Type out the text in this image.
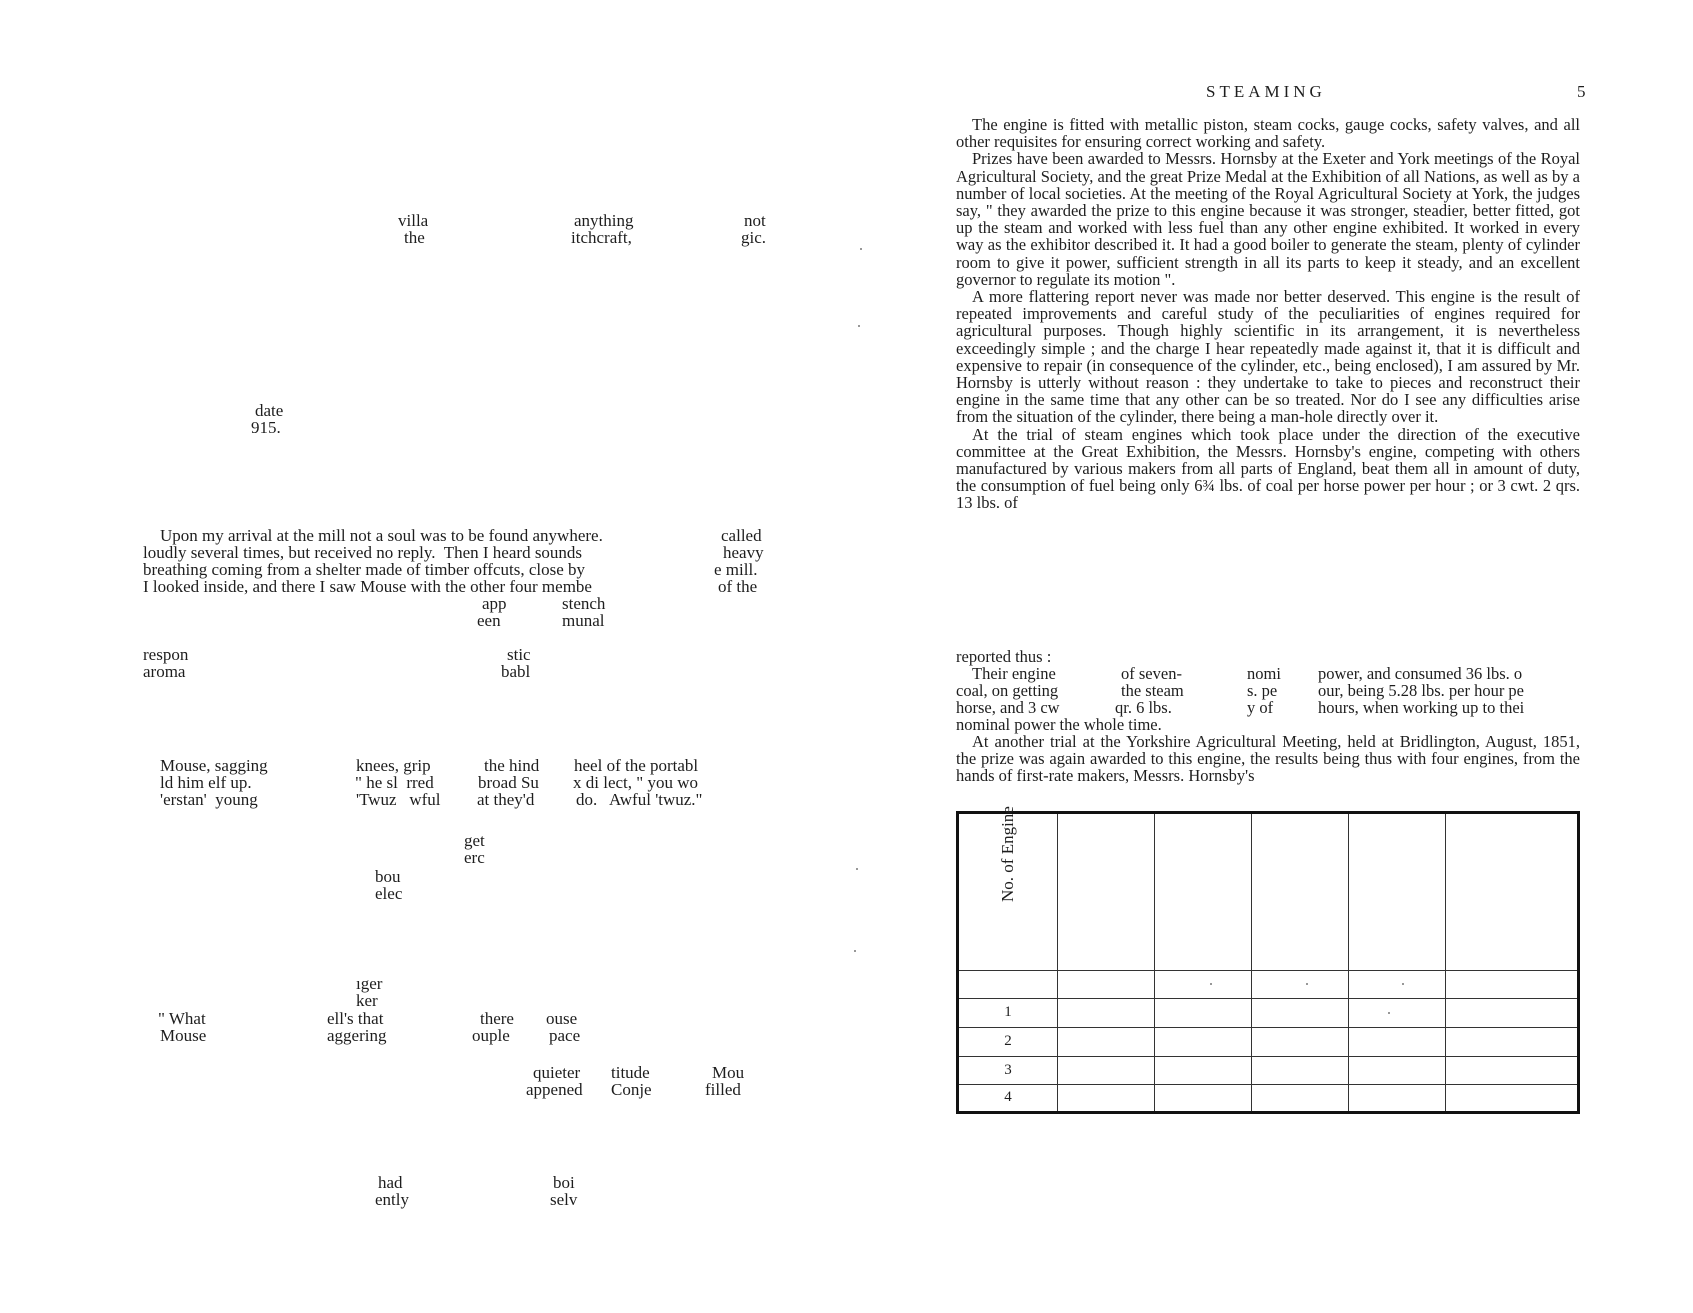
villa	anything	not
the	itchcraft,	gic.
date
915.
Upon my arrival at the mill not a soul was to be found anywhere.	called
loudly several times, but received no reply.  Then I heard sounds	heavy
breathing coming from a shelter made of timber offcuts, close by	e mill.
I looked inside, and there I saw Mouse with the other four membe	of the
app	stench
een	munal
respon	stic
aroma	babl
Mouse, sagging	knees, grip	the hind heel of the portabl
ld him elf up.	" he sl  rred	broad Su x di lect, " you wo
'erstan'  young	'Twuz   wful at they'd do.   Awful 'twuz."
get
erc
bou
elec
ıger
ker
" What	ell's that	there ouse
Mouse	aggering	ouple pace
quieter titude	Mou
appened Conje	filled
had	boi
ently	selv
STEAMING	5

The engine is fitted with metallic piston, steam cocks, gauge cocks, safety valves, and all other requisites for ensuring correct working and safety.

Prizes have been awarded to Messrs. Hornsby at the Exeter and York meetings of the Royal Agricultural Society, and the great Prize Medal at the Exhibition of all Nations, as well as by a number of local societies. At the meeting of the Royal Agricultural Society at York, the judges say, " they awarded the prize to this engine because it was stronger, steadier, better fitted, got up the steam and worked with less fuel than any other engine exhibited. It worked in every way as the exhibitor described it. It had a good boiler to generate the steam, plenty of cylinder room to give it power, sufficient strength in all its parts to keep it steady, and an excellent governor to regulate its motion ".

A more flattering report never was made nor better deserved. This engine is the result of repeated improvements and careful study of the peculiarities of engines required for agricultural purposes. Though highly scientific in its arrangement, it is nevertheless exceedingly simple ; and the charge I hear repeatedly made against it, that it is difficult and expensive to repair (in consequence of the cylinder, etc., being enclosed), I am assured by Mr. Hornsby is utterly without reason : they undertake to take to pieces and reconstruct their engine in the same time that any other can be so treated. Nor do I see any difficulties arise from the situation of the cylinder, there being a man-hole directly over it.

At the trial of steam engines which took place under the direction of the executive committee at the Great Exhibition, the Messrs. Hornsby's engine, competing with others manufactured by various makers from all parts of England, beat them all in amount of duty, the consumption of fuel being only 6¾ lbs. of coal per horse power per hour ; or 3 cwt. 2 qrs. 13 lbs. of

reported thus :
Their engine	of seven-	nomi power, and consumed 36 lbs. o
coal, on getting	the steam	s. pe our, being 5.28 lbs. per hour pe
horse, and 3 cw	qr. 6 lbs.	y of	hours, when working up to thei
nominal power the whole time.

At another trial at the Yorkshire Agricultural Meeting, held at Bridlington, August, 1851, the prize was again awarded to this engine, the results being thus with four engines, from the hands of first-rate makers, Messrs. Hornsby's

No. of Engine					

1					
2					
3					
4					
